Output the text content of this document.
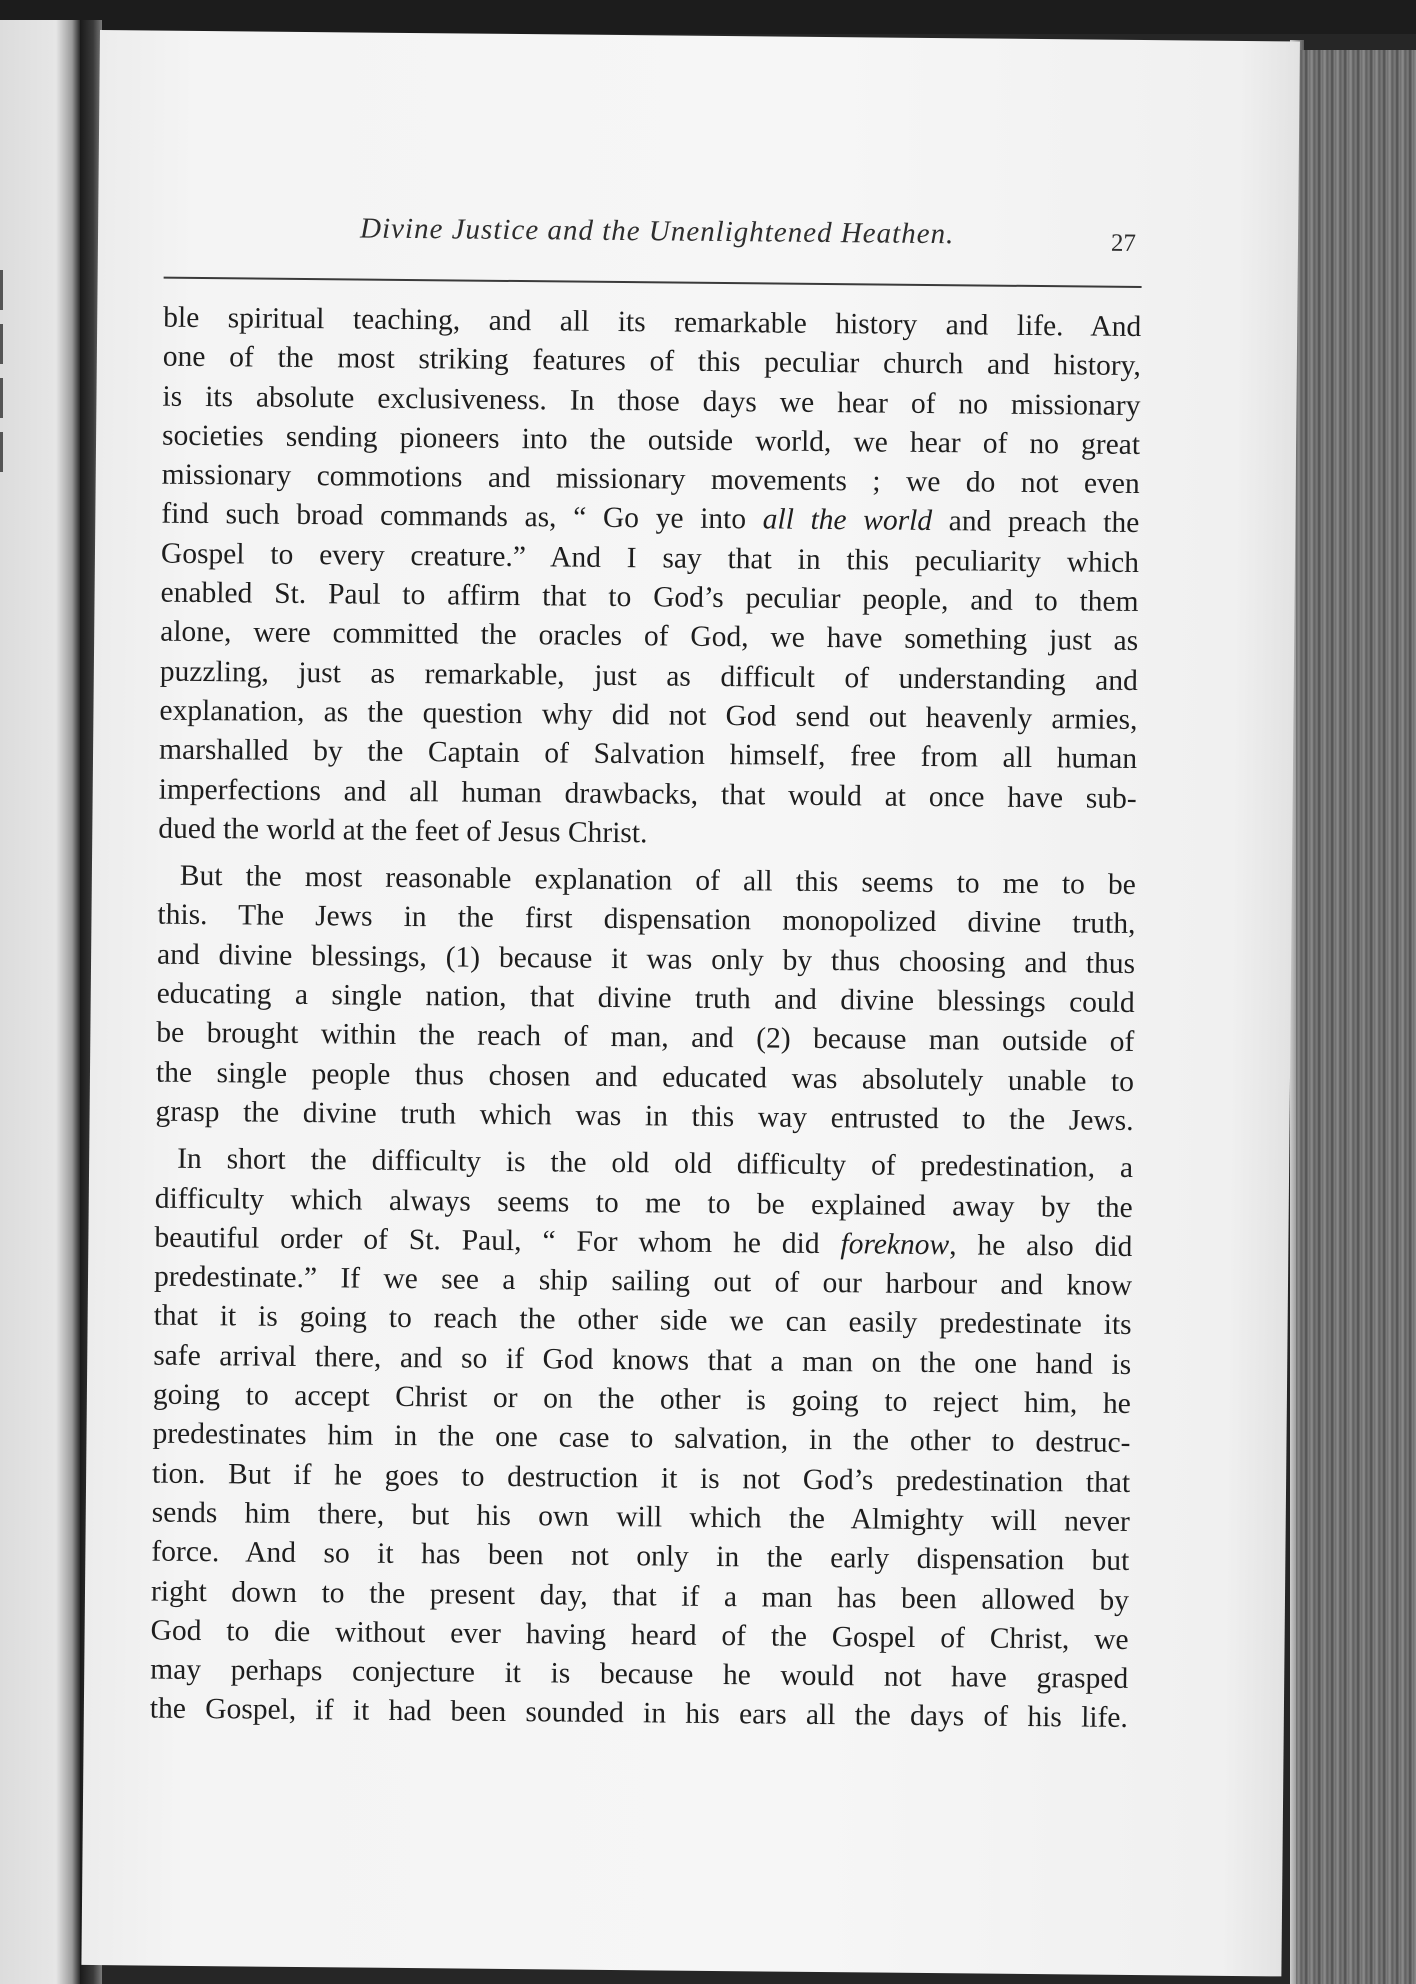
Divine Justice and the Unenlightened Heathen.	27
ble spiritual teaching, and all its remarkable history and life. And
one of the most striking features of this peculiar church and history,
is its absolute exclusiveness. In those days we hear of no missionary
societies sending pioneers into the outside world, we hear of no great
missionary commotions and missionary movements ; we do not even
find such broad commands as, “ Go ye into all the world and preach the
Gospel to every creature.” And I say that in this peculiarity which
enabled St. Paul to affirm that to God’s peculiar people, and to them
alone, were committed the oracles of God, we have something just as
puzzling, just as remarkable, just as difficult of understanding and
explanation, as the question why did not God send out heavenly armies,
marshalled by the Captain of Salvation himself, free from all human
imperfections and all human drawbacks, that would at once have sub-
dued the world at the feet of Jesus Christ.
But the most reasonable explanation of all this seems to me to be
this. The Jews in the first dispensation monopolized divine truth,
and divine blessings, (1) because it was only by thus choosing and thus
educating a single nation, that divine truth and divine blessings could
be brought within the reach of man, and (2) because man outside of
the single people thus chosen and educated was absolutely unable to
grasp the divine truth which was in this way entrusted to the Jews.
In short the difficulty is the old old difficulty of predestination, a
difficulty which always seems to me to be explained away by the
beautiful order of St. Paul, “ For whom he did foreknow, he also did
predestinate.” If we see a ship sailing out of our harbour and know
that it is going to reach the other side we can easily predestinate its
safe arrival there, and so if God knows that a man on the one hand is
going to accept Christ or on the other is going to reject him, he
predestinates him in the one case to salvation, in the other to destruc-
tion. But if he goes to destruction it is not God’s predestination that
sends him there, but his own will which the Almighty will never
force. And so it has been not only in the early dispensation but
right down to the present day, that if a man has been allowed by
God to die without ever having heard of the Gospel of Christ, we
may perhaps conjecture it is because he would not have grasped
the Gospel, if it had been sounded in his ears all the days of his life.
